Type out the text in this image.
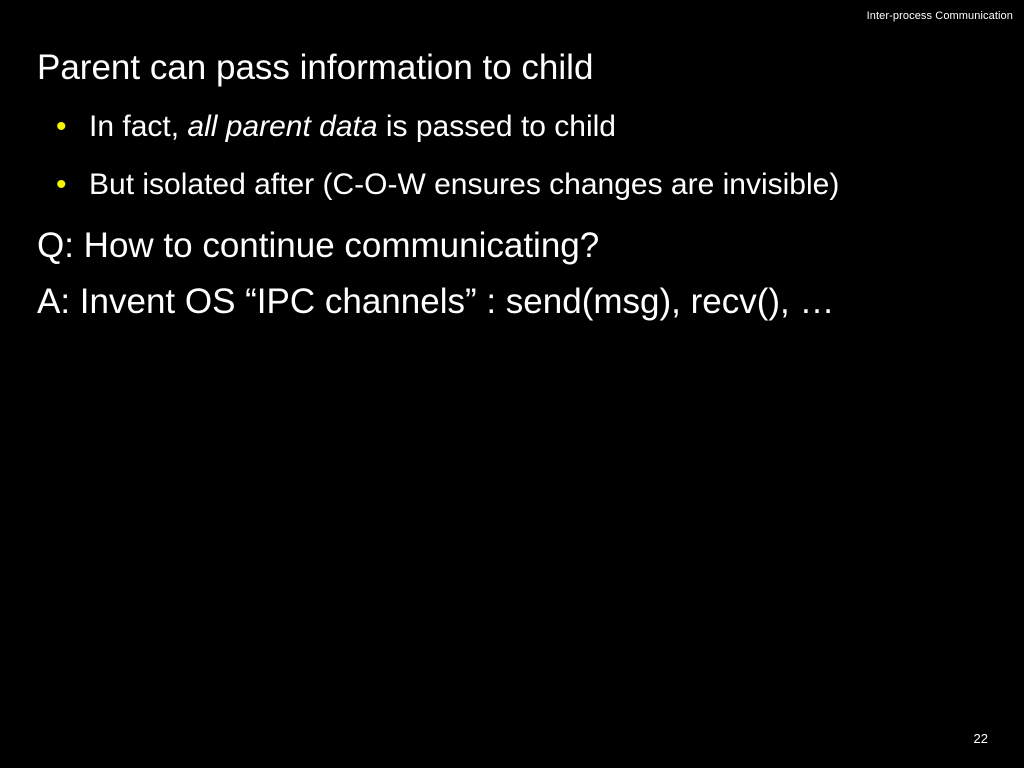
Inter-process Communication
Parent can pass information to child
• In fact, all parent data is passed to child
• But isolated after (C-O-W ensures changes are invisible)
Q: How to continue communicating?
A: Invent OS “IPC channels” : send(msg), recv(), …
22
